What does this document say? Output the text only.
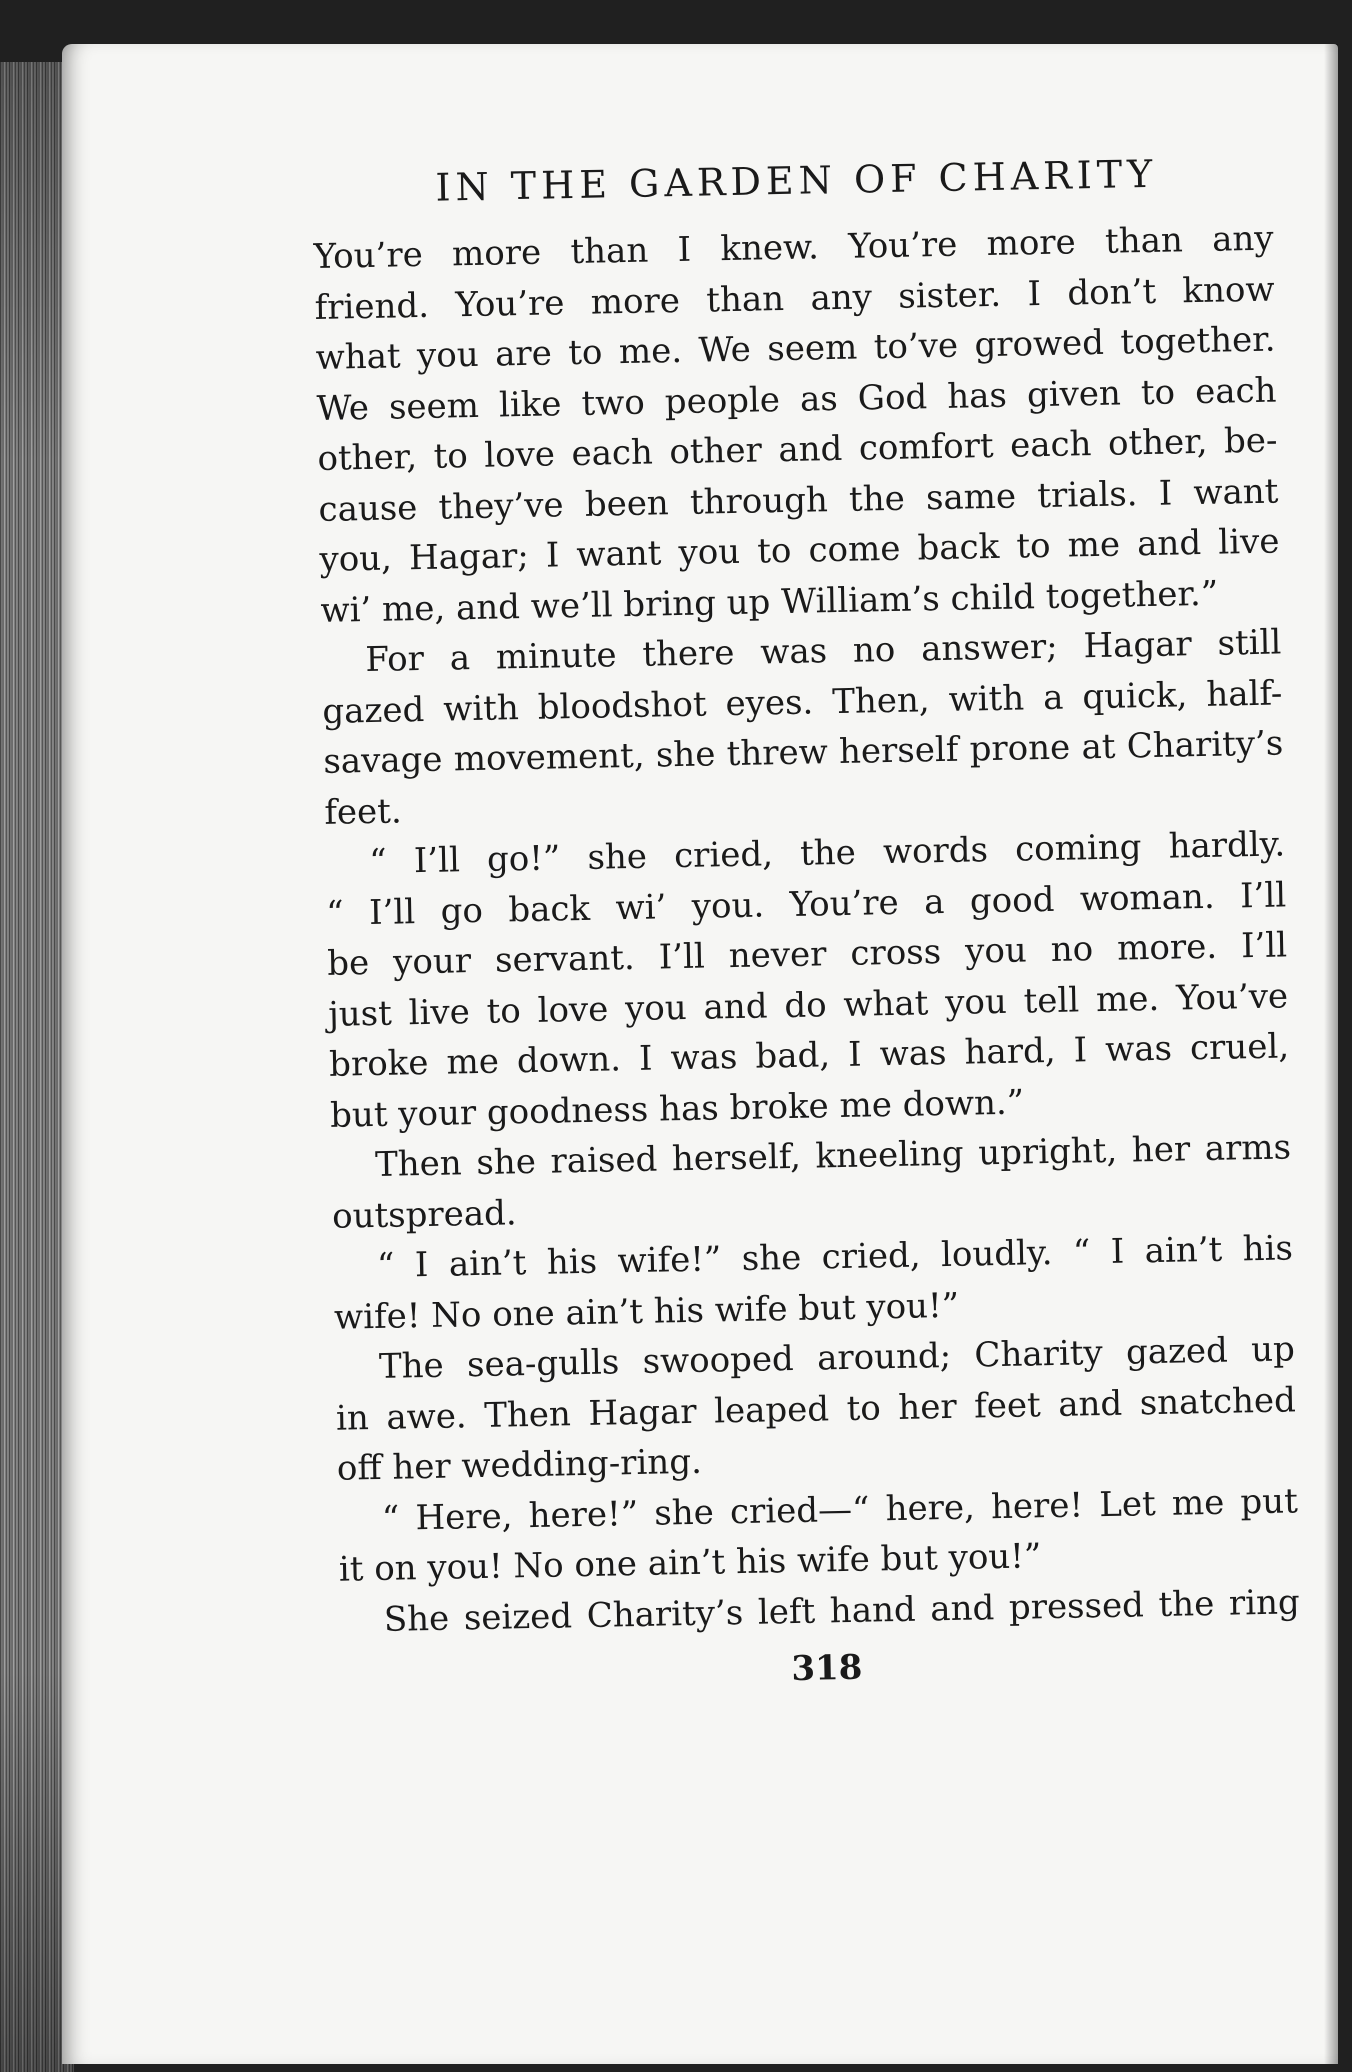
IN THE GARDEN OF CHARITY
You’re more than I knew. You’re more than any
friend. You’re more than any sister. I don’t know
what you are to me. We seem to’ve growed together.
We seem like two people as God has given to each
other, to love each other and comfort each other, be-
cause they’ve been through the same trials. I want
you, Hagar; I want you to come back to me and live
wi’ me, and we’ll bring up William’s child together.”
For a minute there was no answer; Hagar still
gazed with bloodshot eyes. Then, with a quick, half-
savage movement, she threw herself prone at Charity’s
feet.
“ I’ll go!” she cried, the words coming hardly.
“ I’ll go back wi’ you. You’re a good woman. I’ll
be your servant. I’ll never cross you no more. I’ll
just live to love you and do what you tell me. You’ve
broke me down. I was bad, I was hard, I was cruel,
but your goodness has broke me down.”
Then she raised herself, kneeling upright, her arms
outspread.
“ I ain’t his wife!” she cried, loudly. “ I ain’t his
wife! No one ain’t his wife but you!”
The sea-gulls swooped around; Charity gazed up
in awe. Then Hagar leaped to her feet and snatched
off her wedding-ring.
“ Here, here!” she cried—“ here, here! Let me put
it on you! No one ain’t his wife but you!”
She seized Charity’s left hand and pressed the ring
318
